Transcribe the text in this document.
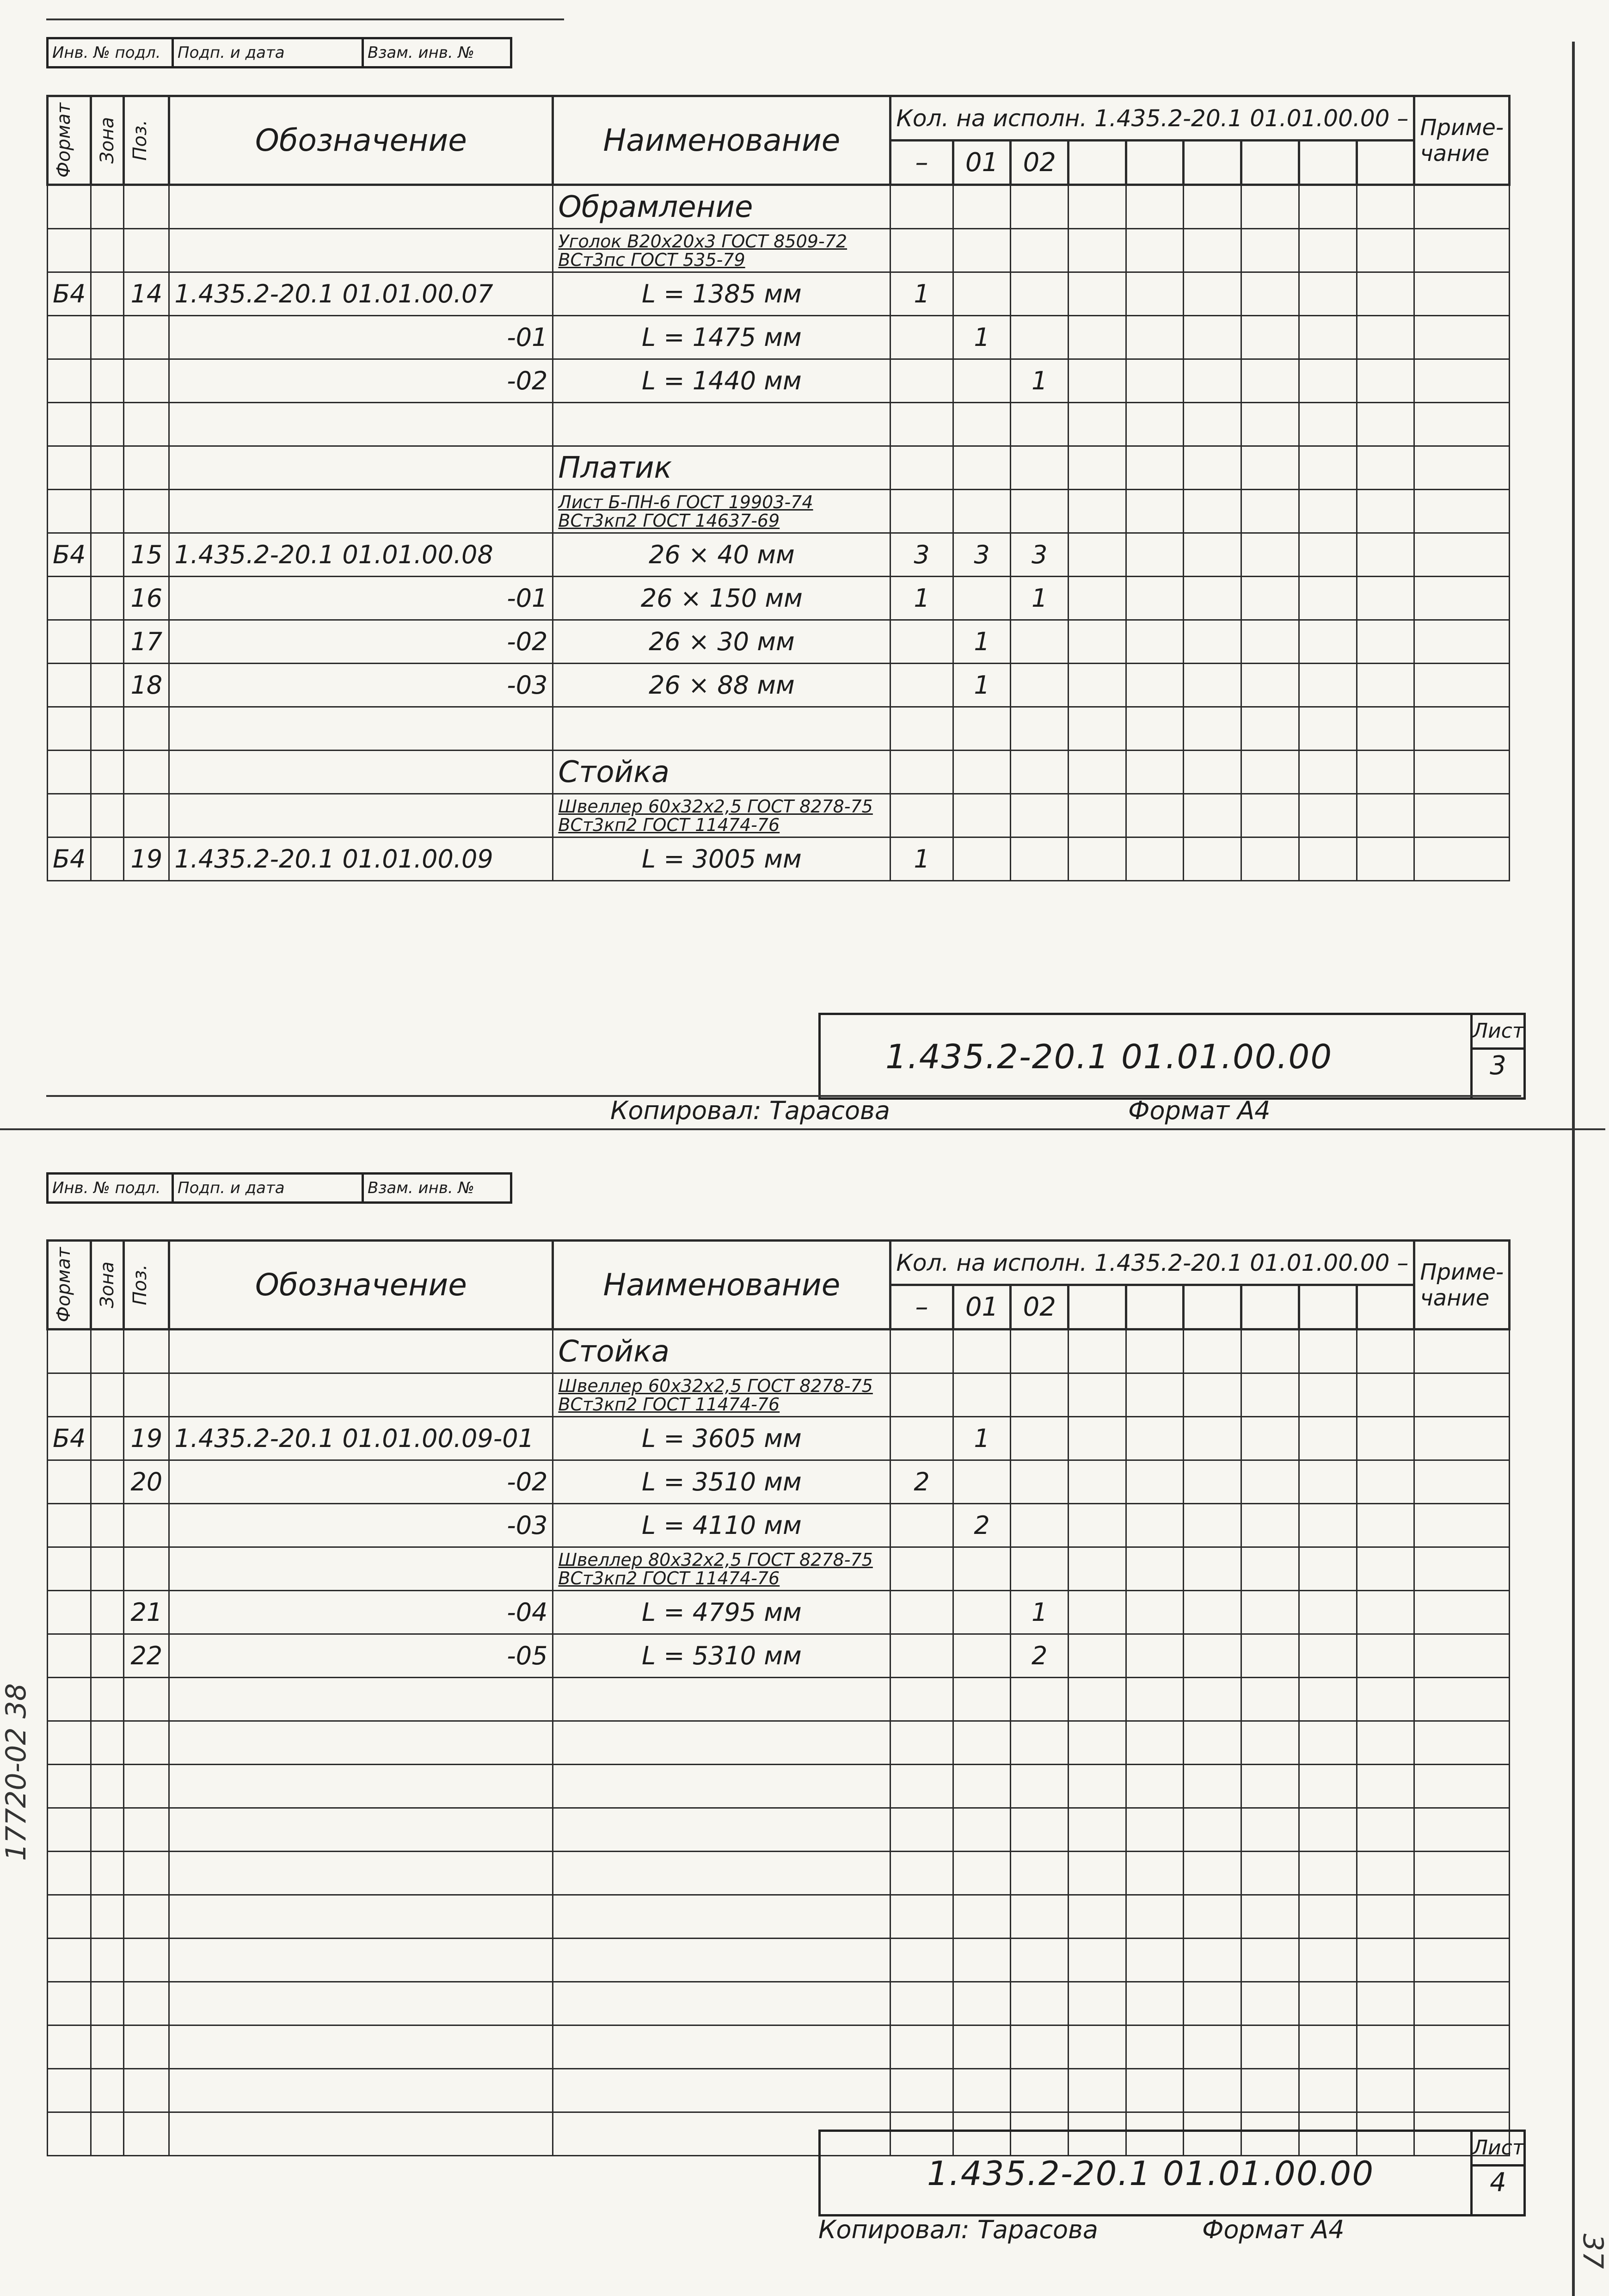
Инв. № подл.	Подп. и дата	Взам. инв. №
Формат	Зона	Поз.	Обозначение	Наименование	Кол. на исполн. 1.435.2-20.1 01.01.00.00 –									Приме-
чание
					–	01	02							
				Обрамление										
				Уголок В20х20х3 ГОСТ 8509-72
ВСт3пс ГОСТ 535-79										
Б4		14	1.435.2-20.1 01.01.00.07	L = 1385 мм	1									
			-01	L = 1475 мм		1								
			-02	L = 1440 мм			1							

				Платик										
				Лист Б-ПН-6 ГОСТ 19903-74
ВСт3кп2 ГОСТ 14637-69										
Б4		15	1.435.2-20.1 01.01.00.08	26 × 40 мм	3	3	3							
		16	-01	26 × 150 мм	1		1							
		17	-02	26 × 30 мм		1								
		18	-03	26 × 88 мм		1								

				Стойка										
				Швеллер 60х32х2,5 ГОСТ 8278-75
ВСт3кп2 ГОСТ 11474-76										
Б4		19	1.435.2-20.1 01.01.00.09	L = 3005 мм	1									
1.435.2-20.1 01.01.00.00
Лист
3
Копировал: Тарасова	Формат А4
Инв. № подл.	Подп. и дата	Взам. инв. №
Формат	Зона	Поз.	Обозначение	Наименование	Кол. на исполн. 1.435.2-20.1 01.01.00.00 –									Приме-
чание
					–	01	02							
				Стойка										
				Швеллер 60х32х2,5 ГОСТ 8278-75
ВСт3кп2 ГОСТ 11474-76										
Б4		19	1.435.2-20.1 01.01.00.09-01	L = 3605 мм		1								
		20	-02	L = 3510 мм	2									
			-03	L = 4110 мм		2								
				Швеллер 80х32х2,5 ГОСТ 8278-75
ВСт3кп2 ГОСТ 11474-76										
		21	-04	L = 4795 мм			1							
		22	-05	L = 5310 мм			2							

1.435.2-20.1 01.01.00.00
Лист
4
Копировал: Тарасова	Формат А4
17720-02 38
37
